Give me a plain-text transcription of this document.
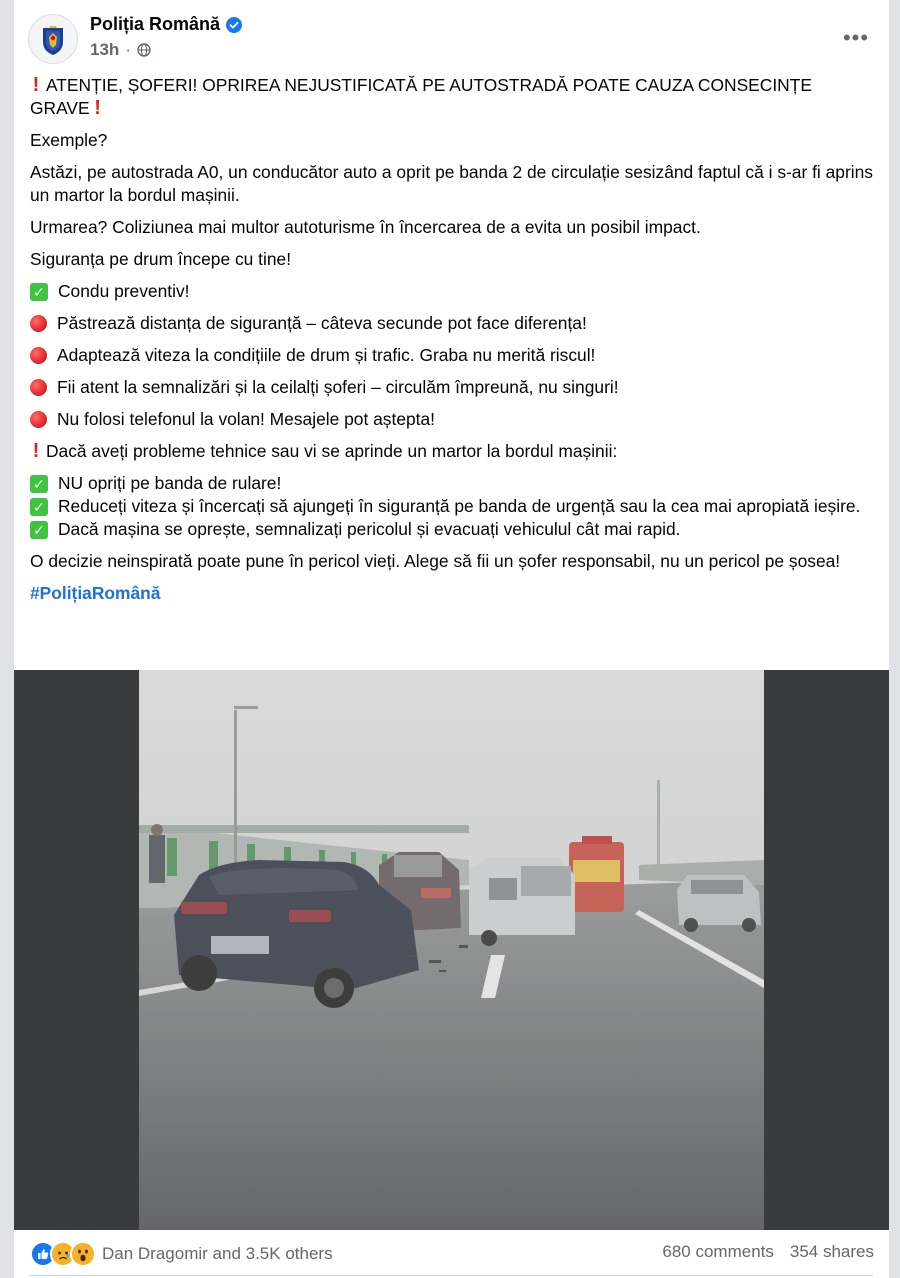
Poliția Română
13h ·	•••
! ATENȚIE, ȘOFERI! OPRIREA NEJUSTIFICATĂ PE AUTOSTRADĂ POATE CAUZA CONSECINȚE GRAVE !

Exemple?

Astăzi, pe autostrada A0, un conducător auto a oprit pe banda 2 de circulație sesizând faptul că i s-ar fi aprins un martor la bordul mașinii.

Urmarea? Coliziunea mai multor autoturisme în încercarea de a evita un posibil impact.

Siguranța pe drum începe cu tine!

✓ Condu preventiv!
Păstrează distanța de siguranță – câteva secunde pot face diferența!
Adaptează viteza la condițiile de drum și trafic. Graba nu merită riscul!
Fii atent la semnalizări și la ceilalți șoferi – circulăm împreună, nu singuri!
Nu folosi telefonul la volan! Mesajele pot aștepta!
! Dacă aveți probleme tehnice sau vi se aprinde un martor la bordul mașinii:
✓ NU opriți pe banda de rulare!
✓ Reduceți viteza și încercați să ajungeți în siguranță pe banda de urgență sau la cea mai apropiată ieșire.
✓ Dacă mașina se oprește, semnalizați pericolul și evacuați vehiculul cât mai rapid.

O decizie neinspirată poate pune în pericol vieți. Alege să fii un șofer responsabil, nu un pericol pe șosea!

#PolițiaRomână

Dan Dragomir and 3.5K others	680 comments 354 shares
